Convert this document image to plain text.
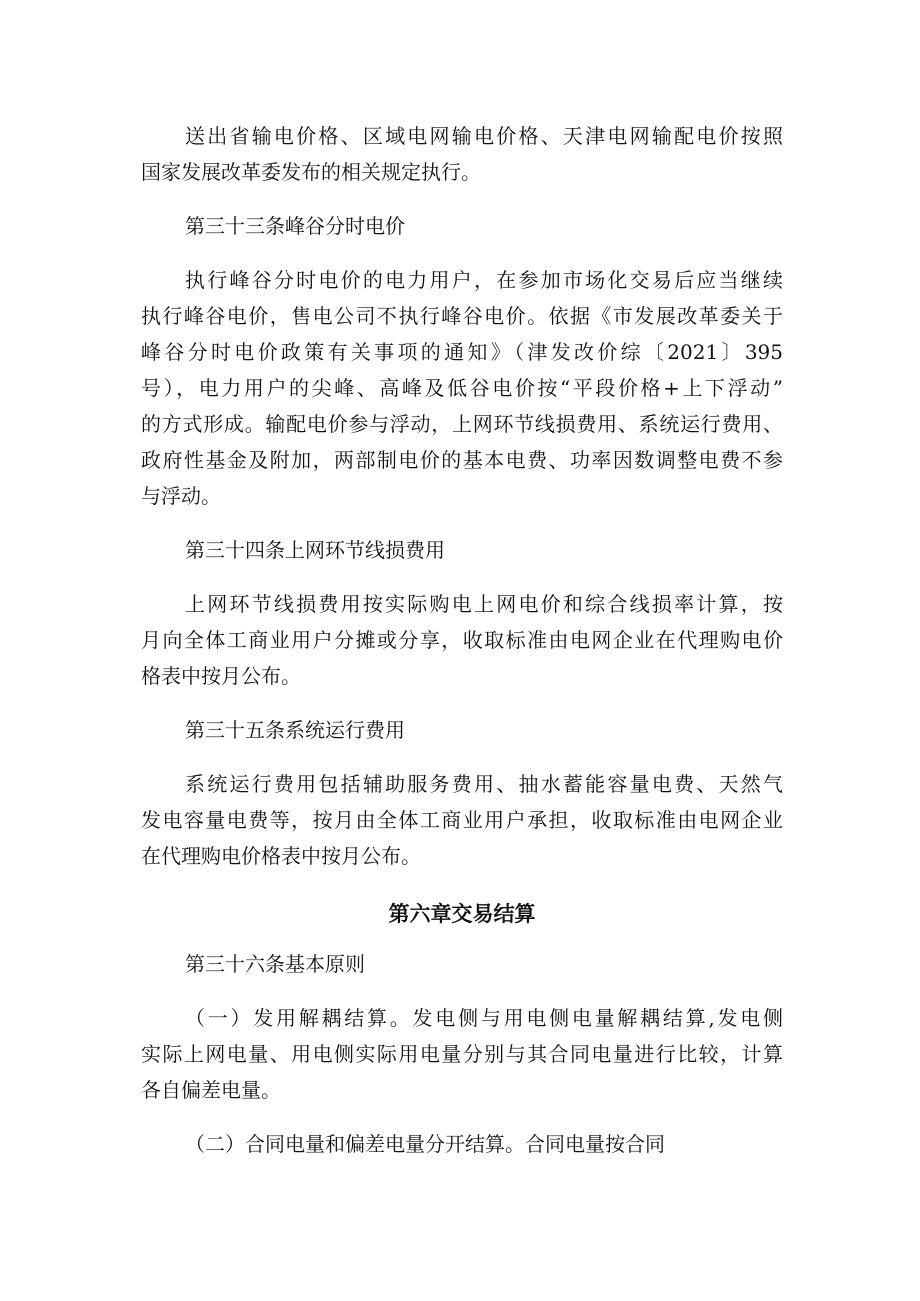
送出省输电价格、区域电网输电价格、天津电网输配电价按照
国家发展改革委发布的相关规定执行。
第三十三条峰谷分时电价
执行峰谷分时电价的电力用户，在参加市场化交易后应当继续
执行峰谷电价，售电公司不执行峰谷电价。依据《市发展改革委关于
峰谷分时电价政策有关事项的通知》（津发改价综〔2021〕395
号），电力用户的尖峰、高峰及低谷电价按“平段价格+上下浮动”
的方式形成。输配电价参与浮动，上网环节线损费用、系统运行费用、
政府性基金及附加，两部制电价的基本电费、功率因数调整电费不参
与浮动。
第三十四条上网环节线损费用
上网环节线损费用按实际购电上网电价和综合线损率计算，按
月向全体工商业用户分摊或分享，收取标准由电网企业在代理购电价
格表中按月公布。
第三十五条系统运行费用
系统运行费用包括辅助服务费用、抽水蓄能容量电费、天然气
发电容量电费等，按月由全体工商业用户承担，收取标准由电网企业
在代理购电价格表中按月公布。
第六章交易结算
第三十六条基本原则
（一）发用解耦结算。发电侧与用电侧电量解耦结算,发电侧
实际上网电量、用电侧实际用电量分别与其合同电量进行比较，计算
各自偏差电量。
（二）合同电量和偏差电量分开结算。合同电量按合同
